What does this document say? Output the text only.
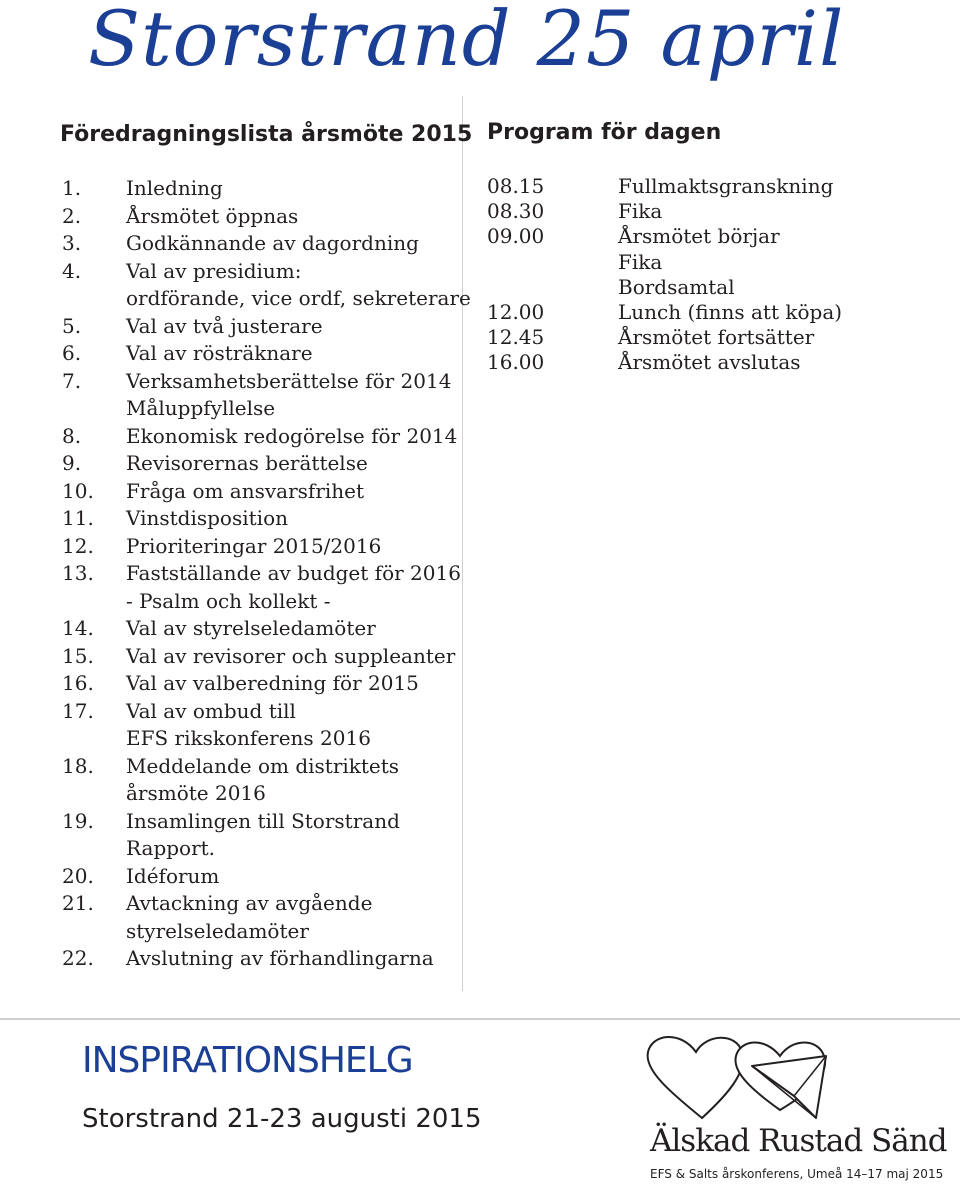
Storstrand 25 april
Föredragningslista årsmöte 2015
1.	Inledning
2.	Årsmötet öppnas
3.	Godkännande av dagordning
4.	Val av presidium:
ordförande, vice ordf, sekreterare
5.	Val av två justerare
6.	Val av rösträknare
7.	Verksamhetsberättelse för 2014
Måluppfyllelse
8.	Ekonomisk redogörelse för 2014
9.	Revisorernas berättelse
10.	Fråga om ansvarsfrihet
11.	Vinstdisposition
12.	Prioriteringar 2015/2016
13.	Fastställande av budget för 2016
- Psalm och kollekt -
14.	Val av styrelseledamöter
15.	Val av revisorer och suppleanter
16.	Val av valberedning för 2015
17.	Val av ombud till
EFS rikskonferens 2016
18.	Meddelande om distriktets
årsmöte 2016
19.	Insamlingen till Storstrand
Rapport.
20.	Idéforum
21.	Avtackning av avgående
styrelseledamöter
22.	Avslutning av förhandlingarna
Program för dagen
08.15	Fullmaktsgranskning
08.30	Fika
09.00	Årsmötet börjar
Fika
Bordsamtal
12.00	Lunch (finns att köpa)
12.45	Årsmötet fortsätter
16.00	Årsmötet avslutas
INSPIRATIONSHELG
Storstrand 21-23 augusti 2015
Älskad Rustad Sänd
EFS & Salts årskonferens, Umeå 14–17 maj 2015
